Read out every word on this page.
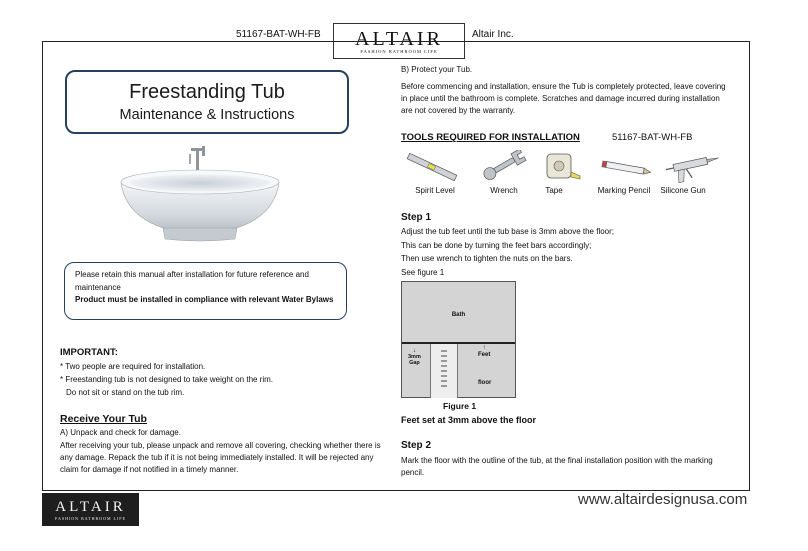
51167-BAT-WH-FB	ALTAIR
FASHION BATHROOM LIFE
Altair Inc.
Freestanding Tub
Maintenance & Instructions
Please retain this manual after installation for future reference and
maintenance
Product must be installed in compliance with relevant Water Bylaws
IMPORTANT:
* Two people are required for installation.
* Freestanding tub is not designed to take weight on the rim.
Do not sit or stand on the tub rim.
Receive Your Tub
A) Unpack and check for damage.
After receiving your tub, please unpack and remove all covering, checking whether there is
any damage. Repack the tub if it is not being immediately installed. It will be rejected any
claim for damage if not notified in a timely manner.
B) Protect your Tub.
Before commencing and installation, ensure the Tub is completely protected, leave covering
in place until the bathroom is complete. Scratches and damage incurred during installation
are not covered by the warranty.
TOOLS REQUIRED FOR INSTALLATION	51167-BAT-WH-FB
Spirit Level	Wrench	Tape	Marking Pencil	Silicone Gun
Step 1
Adjust the tub feet until the tub base is 3mm above the floor;
This can be done by turning the feet bars accordingly;
Then use wrench to tighten the nuts on the bars.
See figure 1
Bath
↓
3mm
Gap
↑
Feet
floor
Figure 1
Feet set at 3mm above the floor
Step 2
Mark the floor with the outline of the tub, at the final installation position with the marking
pencil.
ALTAIR
FASHION BATHROOM LIFE
www.altairdesignusa.com
